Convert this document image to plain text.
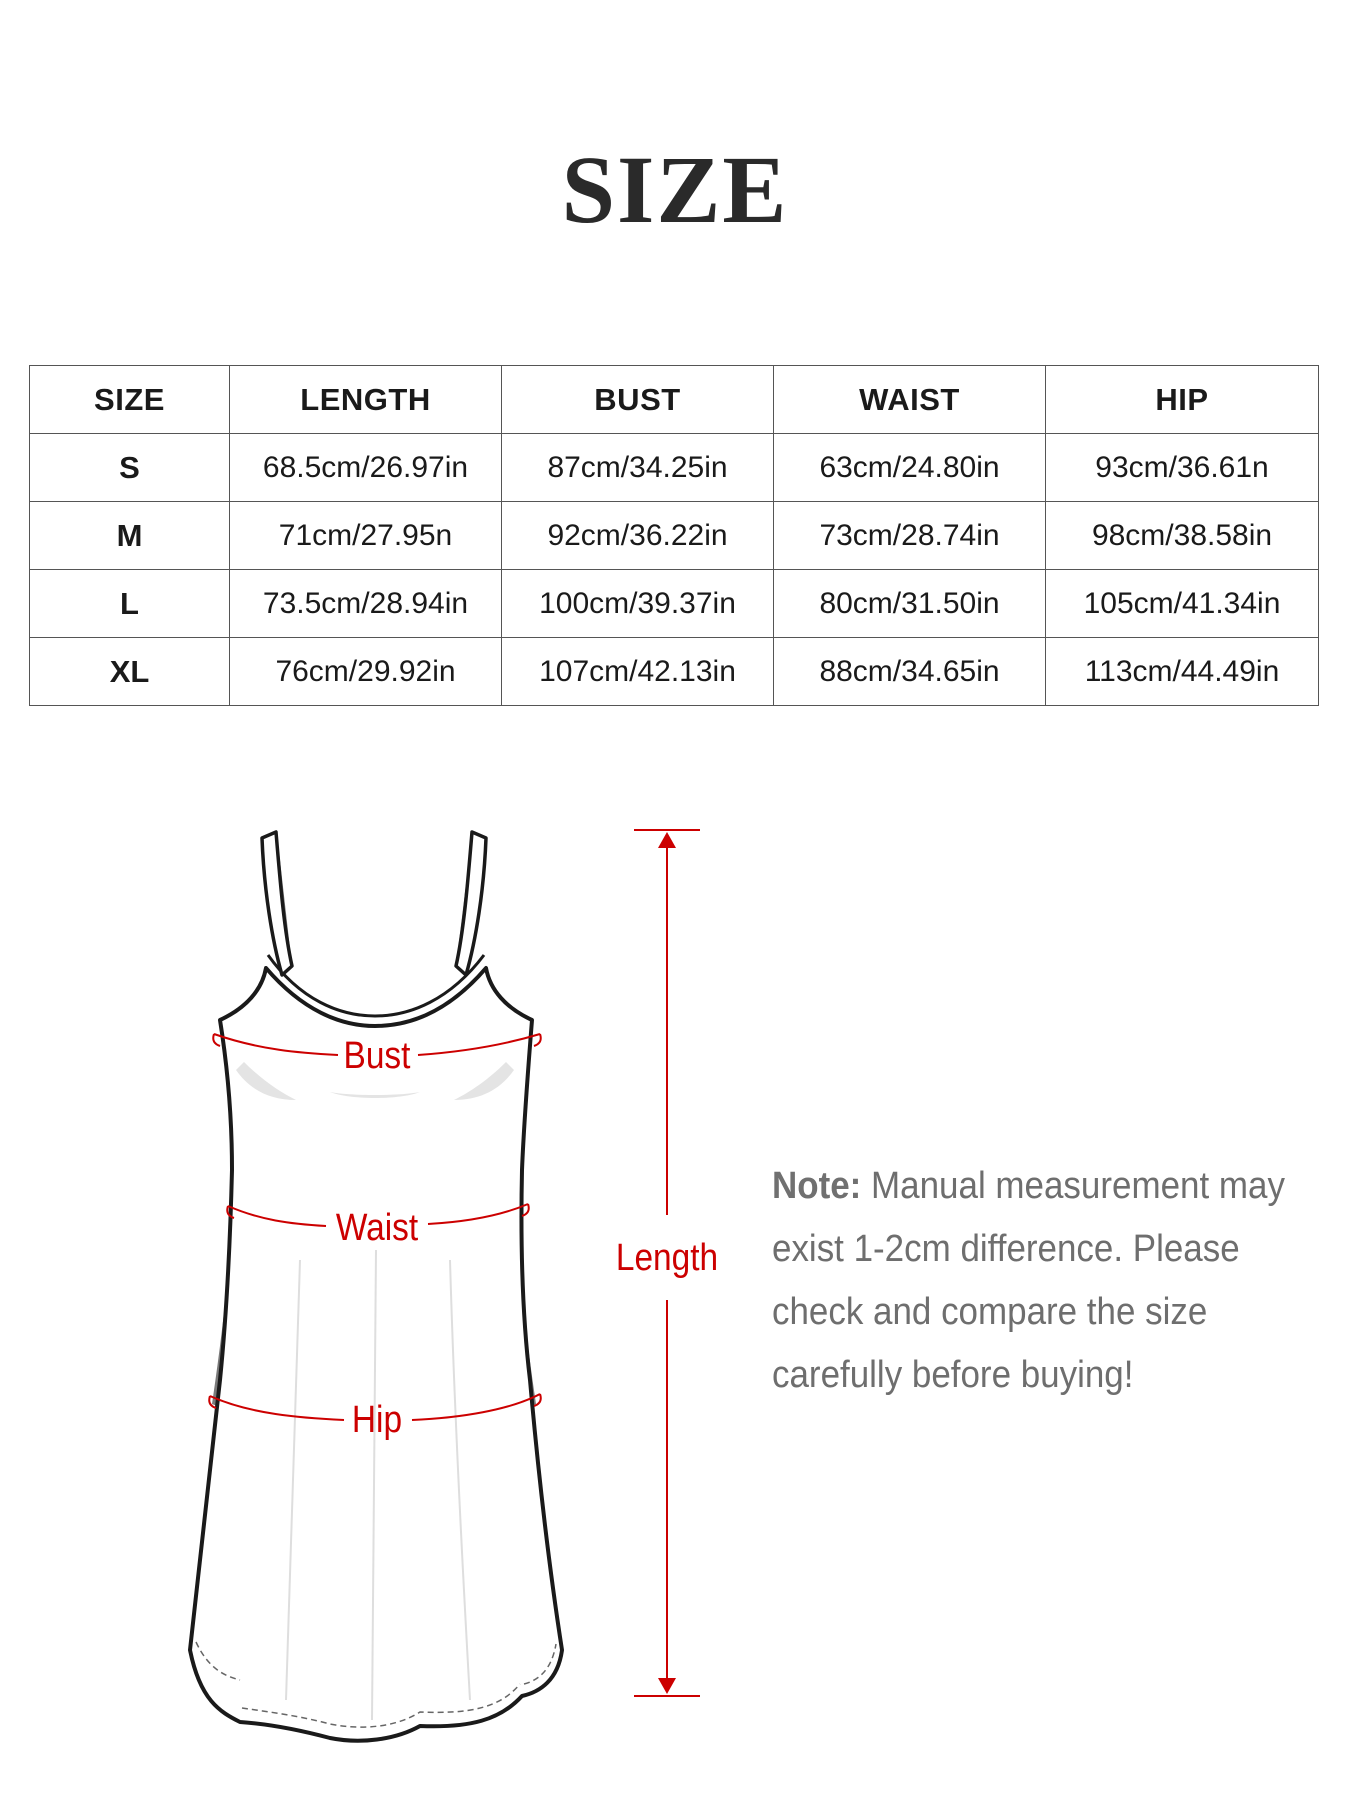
SIZE
SIZE	LENGTH	BUST	WAIST	HIP
S	68.5cm/26.97in	87cm/34.25in	63cm/24.80in	93cm/36.61n
M	71cm/27.95n	92cm/36.22in	73cm/28.74in	98cm/38.58in
L	73.5cm/28.94in	100cm/39.37in	80cm/31.50in	105cm/41.34in
XL	76cm/29.92in	107cm/42.13in	88cm/34.65in	113cm/44.49in
Bust
Waist
Hip
Length
Note: Manual measurement may
exist 1-2cm difference. Please
check and compare the size
carefully before buying!
